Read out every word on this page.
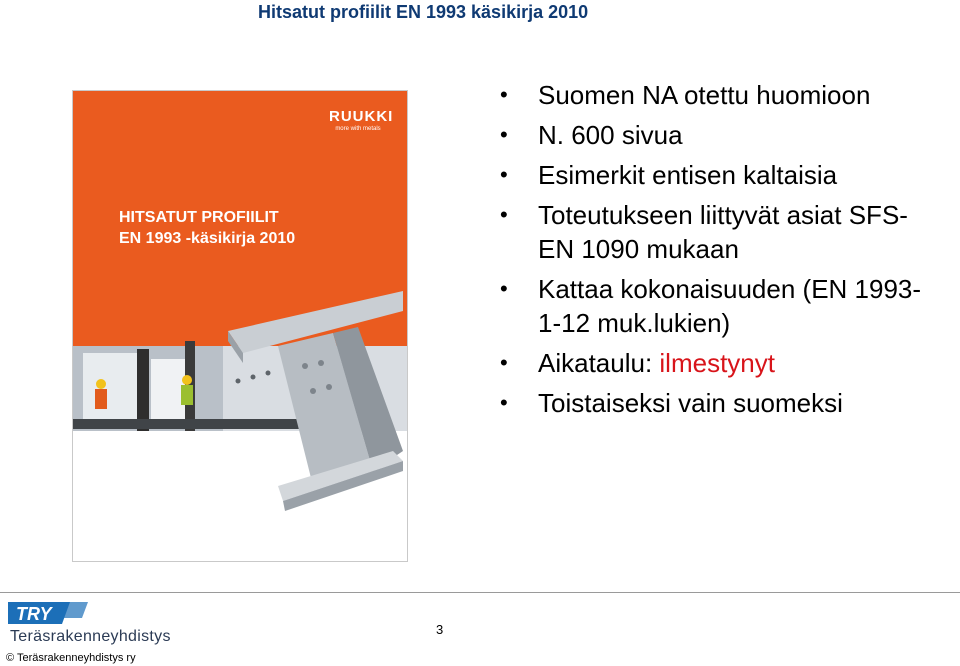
Hitsatut profiilit EN 1993 käsikirja 2010
RUUKKI
more with metals
HITSATUT PROFIILIT
EN 1993 -käsikirja 2010
• Suomen NA otettu huomioon
• N. 600 sivua
• Esimerkit entisen kaltaisia
• Toteutukseen liittyvät asiat SFS-EN 1090 mukaan
• Kattaa kokonaisuuden (EN 1993-1-12 muk.lukien)
• Aikataulu: ilmestynyt
• Toistaiseksi vain suomeksi
TRY
Teräsrakenneyhdistys
© Teräsrakenneyhdistys ry
3
